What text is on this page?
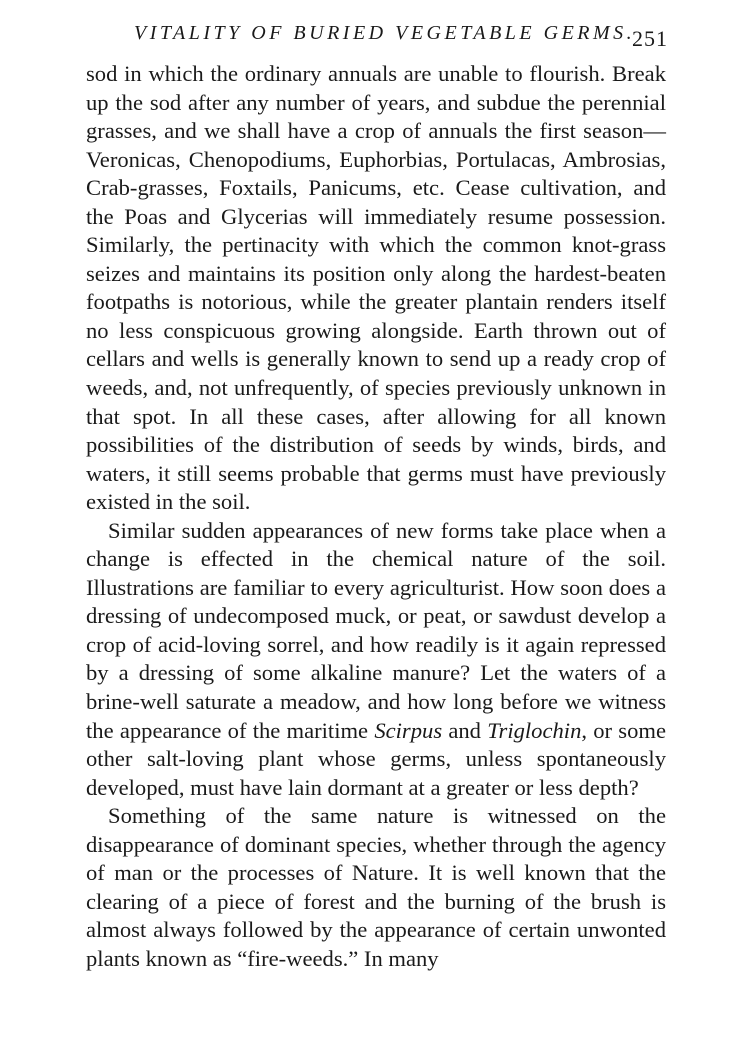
VITALITY OF BURIED VEGETABLE GERMS.
251

sod in which the ordinary annuals are unable to flourish. Break up the sod after any number of years, and subdue the perennial grasses, and we shall have a crop of annuals the first season—Veronicas, Chenopodiums, Euphorbias, Portulacas, Ambrosias, Crab-grasses, Foxtails, Panicums, etc. Cease cultivation, and the Poas and Glycerias will immediately resume possession. Similarly, the pertinacity with which the common knot-grass seizes and maintains its position only along the hardest-beaten footpaths is notorious, while the greater plantain renders itself no less conspicuous growing alongside. Earth thrown out of cellars and wells is generally known to send up a ready crop of weeds, and, not unfrequently, of species previously unknown in that spot. In all these cases, after allowing for all known possibilities of the distribution of seeds by winds, birds, and waters, it still seems probable that germs must have previously existed in the soil.

Similar sudden appearances of new forms take place when a change is effected in the chemical nature of the soil. Illustrations are familiar to every agriculturist. How soon does a dressing of undecomposed muck, or peat, or sawdust develop a crop of acid-loving sorrel, and how readily is it again repressed by a dressing of some alkaline manure? Let the waters of a brine-well saturate a meadow, and how long before we witness the appearance of the maritime Scirpus and Triglochin, or some other salt-loving plant whose germs, unless spontaneously developed, must have lain dormant at a greater or less depth?

Something of the same nature is witnessed on the disappearance of dominant species, whether through the agency of man or the processes of Nature. It is well known that the clearing of a piece of forest and the burning of the brush is almost always followed by the appearance of certain unwonted plants known as “fire-weeds.” In many
